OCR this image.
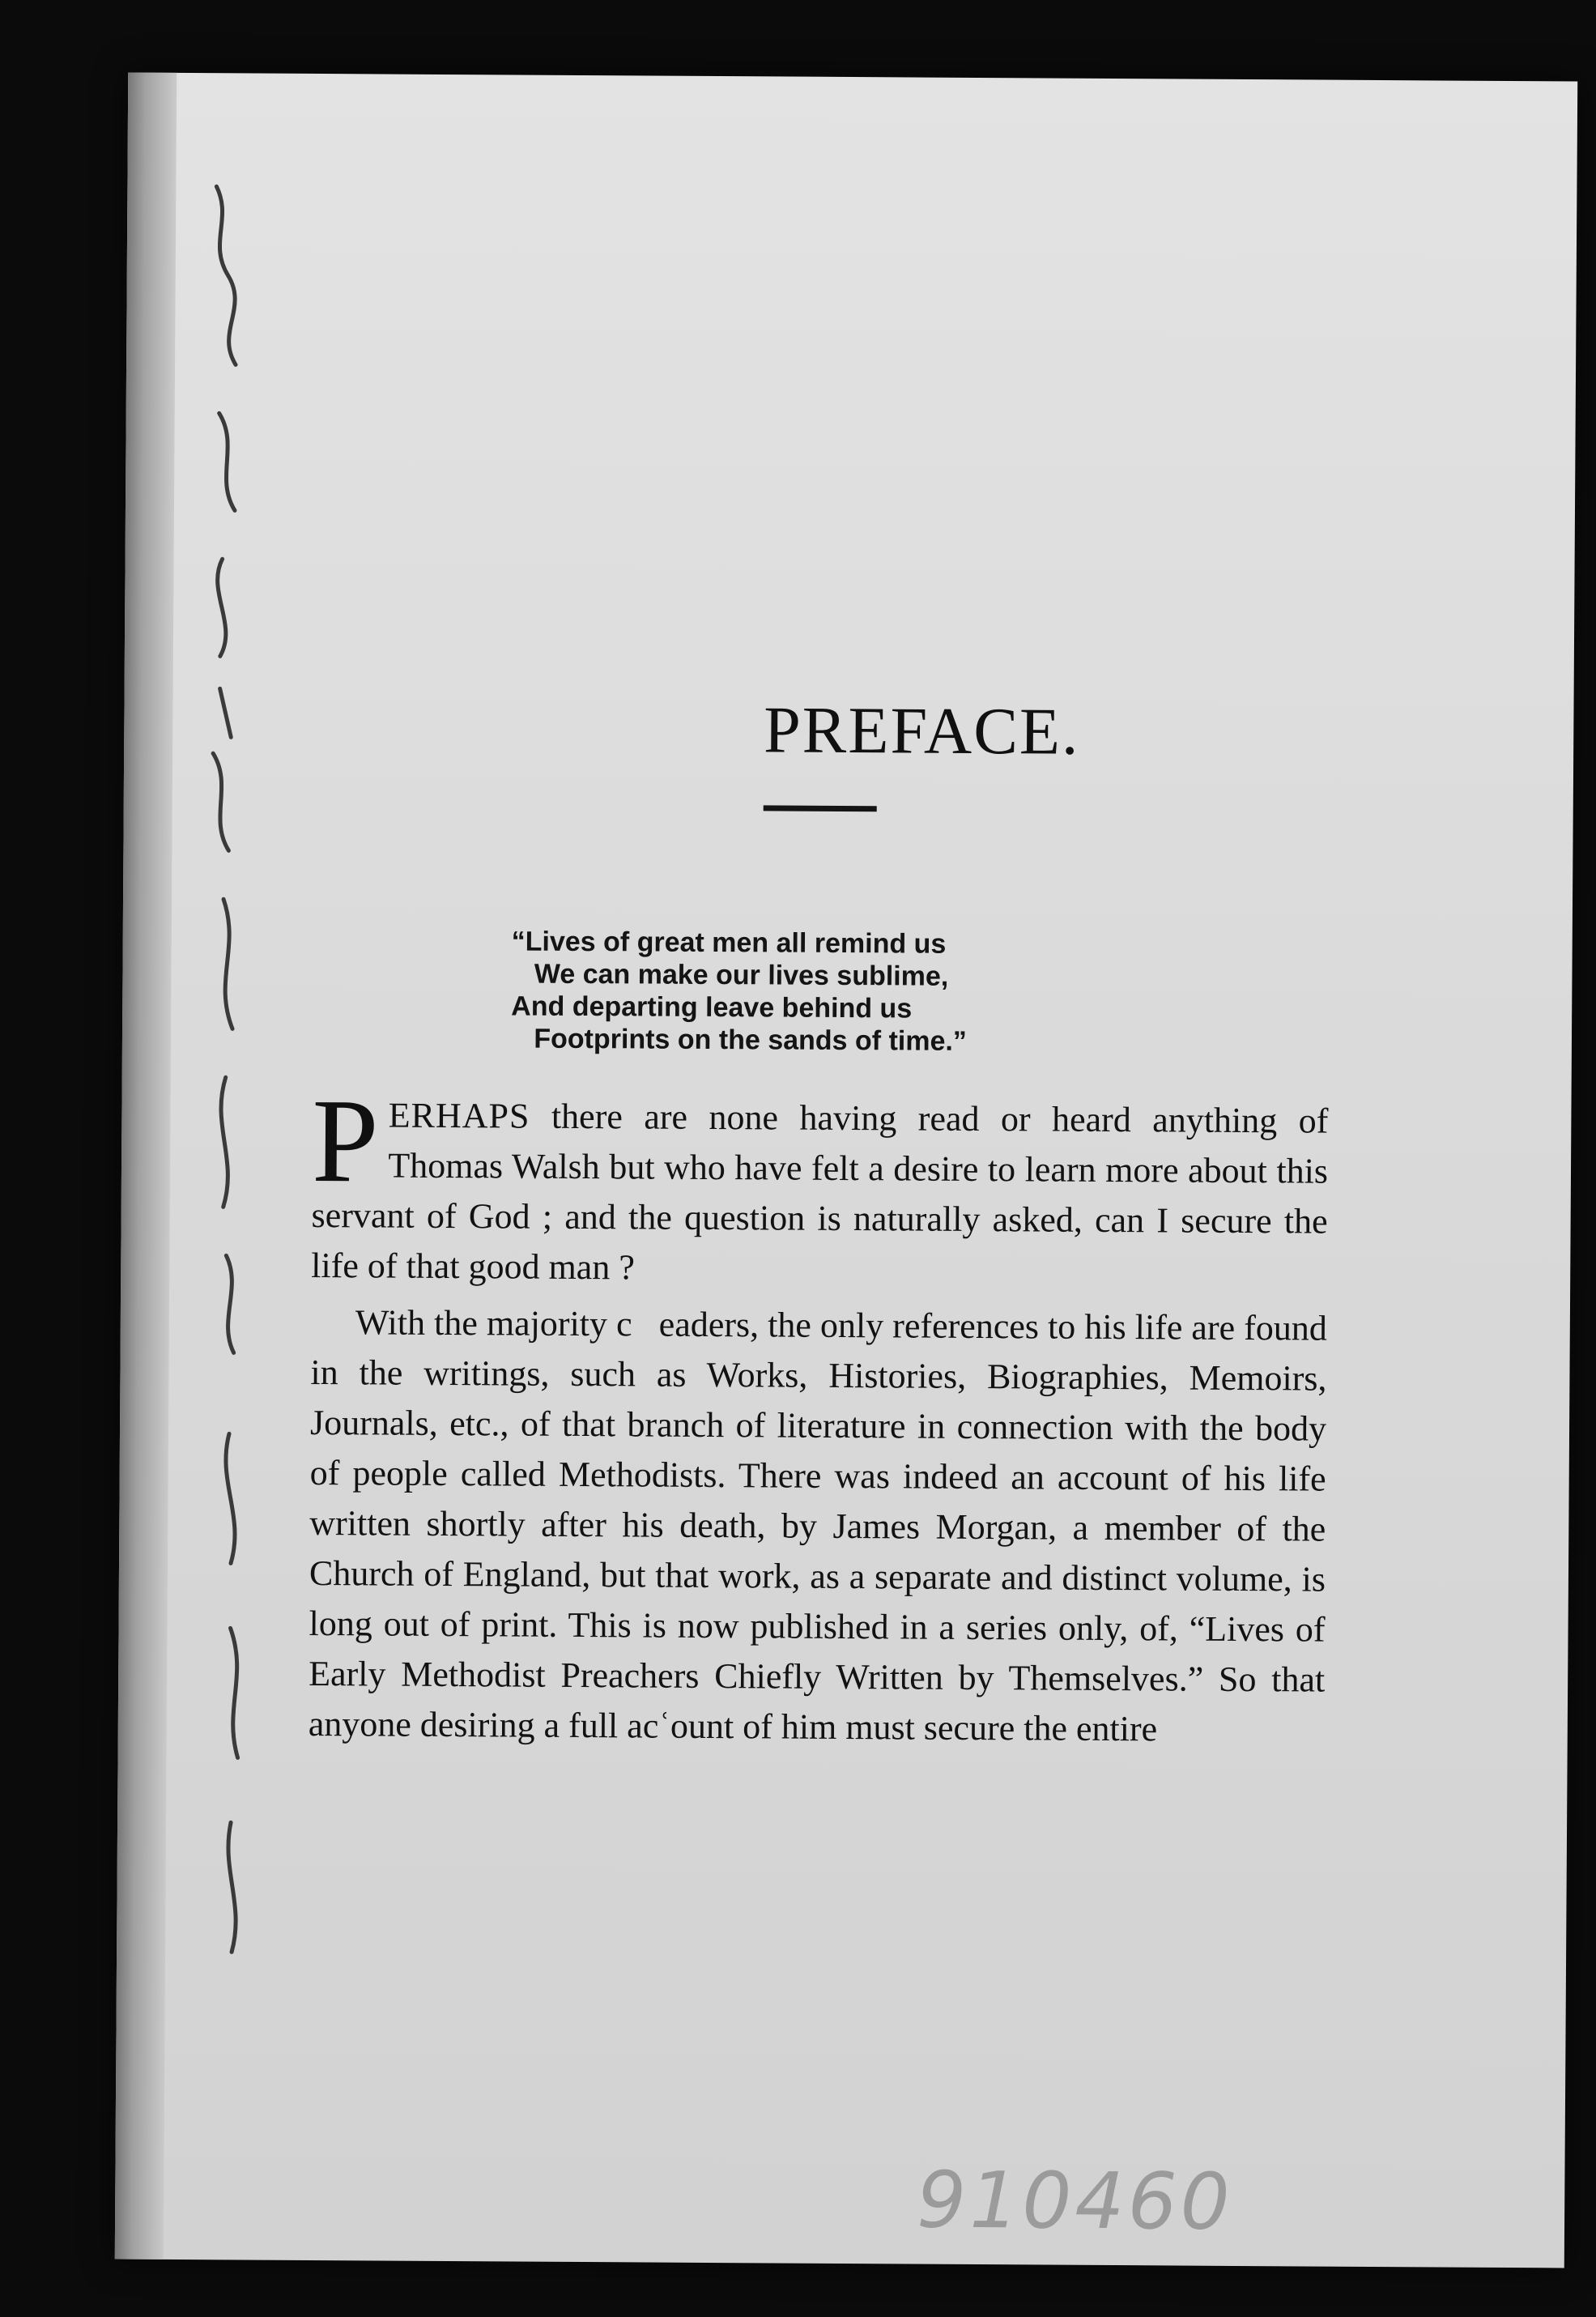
PREFACE.
“Lives of great men all remind us
We can make our lives sublime,
And departing leave behind us
Footprints on the sands of time.”

PERHAPS there are none having read or heard anything of Thomas Walsh but who have felt a desire to learn more about this servant of God ; and the question is naturally asked, can I secure the life of that good man ?

With the majority c   eaders, the only references to his life are found in the writings, such as Works, Histories, Biographies, Memoirs, Journals, etc., of that branch of literature in connection with the body of people called Methodists. There was indeed an account of his life written shortly after his death, by James Morgan, a member of the Church of England, but that work, as a separate and distinct volume, is long out of print. This is now published in a series only, of, “Lives of Early Methodist Preachers Chiefly Written by Themselves.” So that anyone desiring a full acʿount of him must secure the entire

910460
